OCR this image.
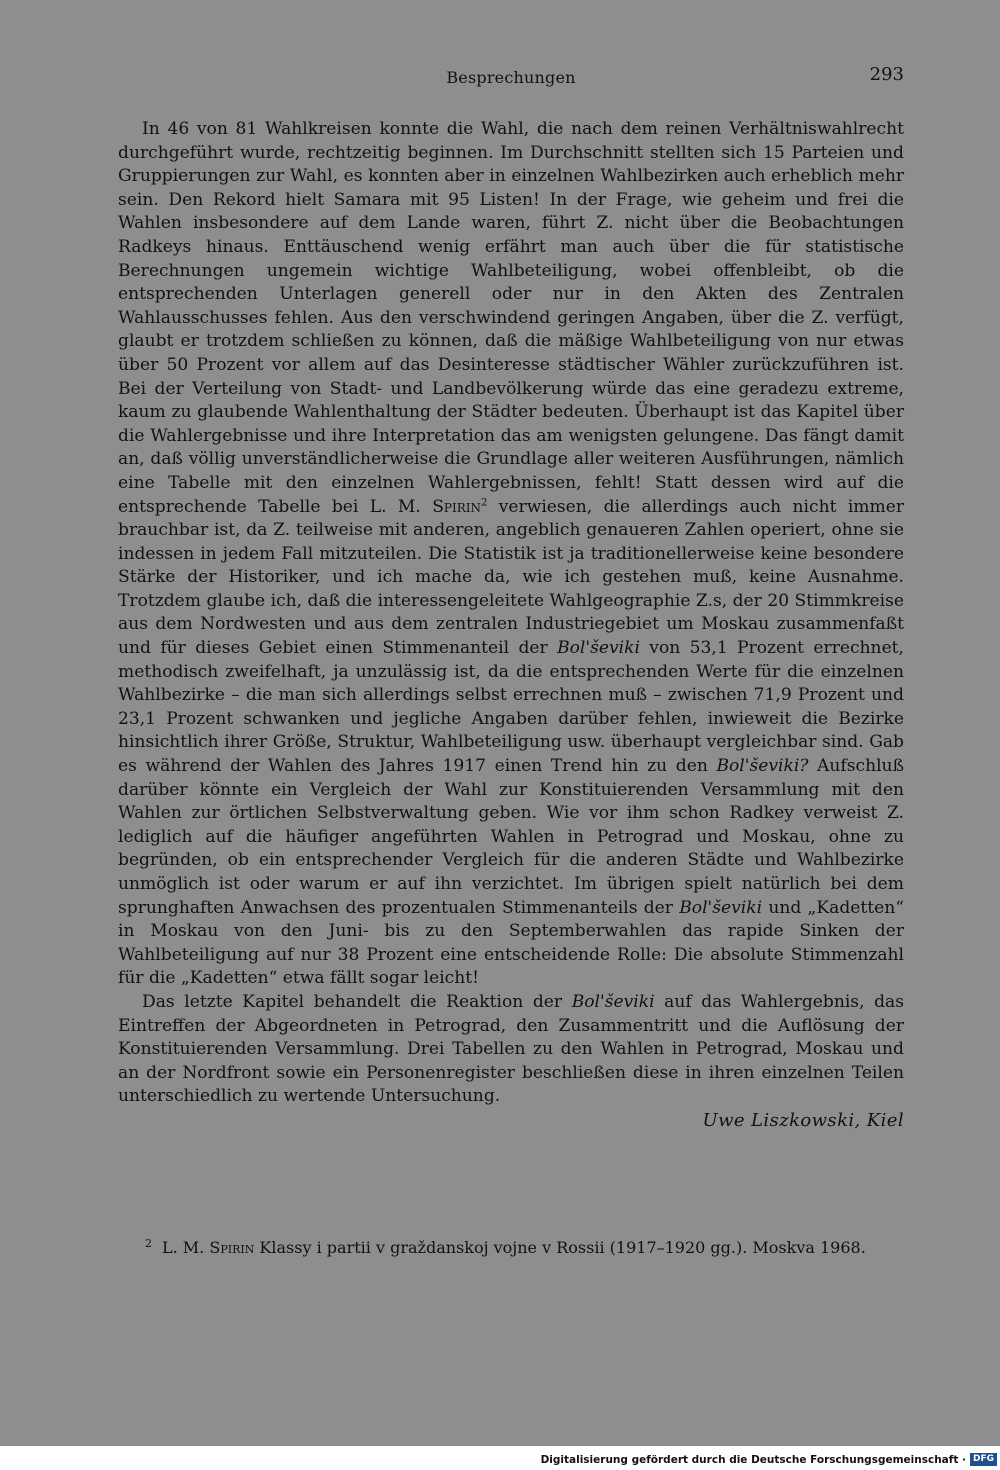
Besprechungen	293

In 46 von 81 Wahlkreisen konnte die Wahl, die nach dem reinen Verhältniswahlrecht durchgeführt wurde, rechtzeitig beginnen. Im Durchschnitt stellten sich 15 Parteien und Gruppierungen zur Wahl, es konnten aber in einzelnen Wahlbezirken auch erheblich mehr sein. Den Rekord hielt Samara mit 95 Listen! In der Frage, wie geheim und frei die Wahlen insbesondere auf dem Lande waren, führt Z. nicht über die Beobachtungen Radkeys hinaus. Enttäuschend wenig erfährt man auch über die für statistische Berechnungen ungemein wichtige Wahlbeteiligung, wobei offenbleibt, ob die entsprechenden Unterlagen generell oder nur in den Akten des Zentralen Wahlausschusses fehlen. Aus den verschwindend geringen Angaben, über die Z. verfügt, glaubt er trotzdem schließen zu können, daß die mäßige Wahlbeteiligung von nur etwas über 50 Prozent vor allem auf das Desinteresse städtischer Wähler zurückzuführen ist. Bei der Verteilung von Stadt- und Landbevölkerung würde das eine geradezu extreme, kaum zu glaubende Wahlenthaltung der Städter bedeuten. Überhaupt ist das Kapitel über die Wahlergebnisse und ihre Interpretation das am wenigsten gelungene. Das fängt damit an, daß völlig unverständlicherweise die Grundlage aller weiteren Ausführungen, nämlich eine Tabelle mit den einzelnen Wahlergebnissen, fehlt! Statt dessen wird auf die entsprechende Tabelle bei L. M. Spirin$^2$ verwiesen, die allerdings auch nicht immer brauchbar ist, da Z. teilweise mit anderen, angeblich genaueren Zahlen operiert, ohne sie indessen in jedem Fall mitzuteilen. Die Statistik ist ja traditionellerweise keine besondere Stärke der Historiker, und ich mache da, wie ich gestehen muß, keine Ausnahme. Trotzdem glaube ich, daß die interessengeleitete Wahlgeographie Z.s, der 20 Stimmkreise aus dem Nordwesten und aus dem zentralen Industriegebiet um Moskau zusammenfaßt und für dieses Gebiet einen Stimmenanteil der Bol'ševiki von 53,1 Prozent errechnet, methodisch zweifelhaft, ja unzulässig ist, da die entsprechenden Werte für die einzelnen Wahlbezirke – die man sich allerdings selbst errechnen muß – zwischen 71,9 Prozent und 23,1 Prozent schwanken und jegliche Angaben darüber fehlen, inwieweit die Bezirke hinsichtlich ihrer Größe, Struktur, Wahlbeteiligung usw. überhaupt vergleichbar sind. Gab es während der Wahlen des Jahres 1917 einen Trend hin zu den Bol'ševiki? Aufschluß darüber könnte ein Vergleich der Wahl zur Konstituierenden Versammlung mit den Wahlen zur örtlichen Selbstverwaltung geben. Wie vor ihm schon Radkey verweist Z. lediglich auf die häufiger angeführten Wahlen in Petrograd und Moskau, ohne zu begründen, ob ein entsprechender Vergleich für die anderen Städte und Wahlbezirke unmöglich ist oder warum er auf ihn verzichtet. Im übrigen spielt natürlich bei dem sprunghaften Anwachsen des prozentualen Stimmenanteils der Bol'ševiki und „Kadetten“ in Moskau von den Juni- bis zu den Septemberwahlen das rapide Sinken der Wahlbeteiligung auf nur 38 Prozent eine entscheidende Rolle: Die absolute Stimmenzahl für die „Kadetten“ etwa fällt sogar leicht!

Das letzte Kapitel behandelt die Reaktion der Bol'ševiki auf das Wahlergebnis, das Eintreffen der Abgeordneten in Petrograd, den Zusammentritt und die Auflösung der Konstituierenden Versammlung. Drei Tabellen zu den Wahlen in Petrograd, Moskau und an der Nordfront sowie ein Personenregister beschließen diese in ihren einzelnen Teilen unterschiedlich zu wertende Untersuchung.

Uwe Liszkowski, Kiel
$^2$ L. M. Spirin Klassy i partii v graždanskoj vojne v Rossii (1917–1920 gg.). Moskva 1968.
Digitalisierung gefördert durch die Deutsche Forschungsgemeinschaft · DFG
